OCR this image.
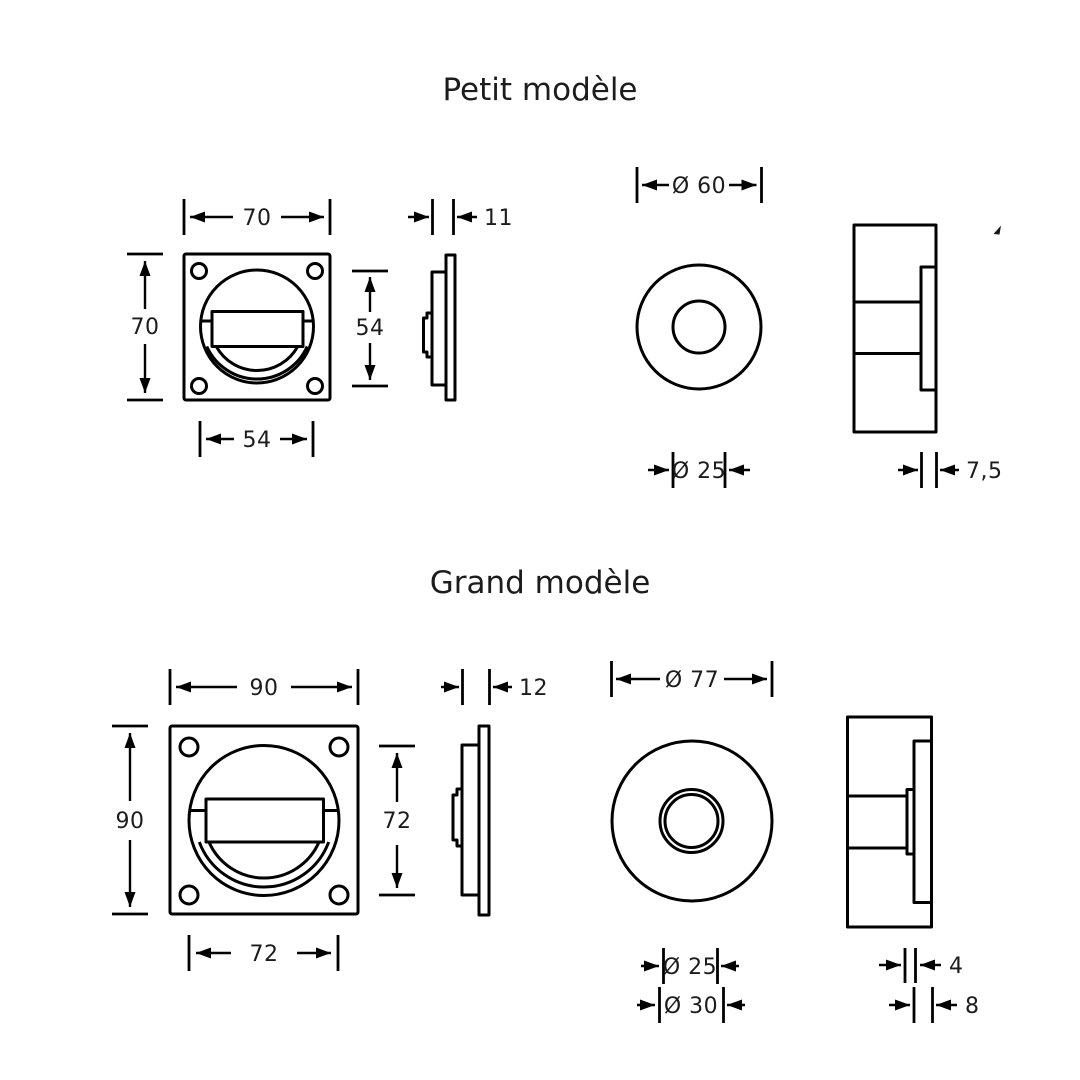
Petit modèle
70
70	54
54
11
Ø 60
Ø 25	7,5
Grand modèle
90
90	72
72
12	Ø 77
Ø 25
Ø 30
4
8
